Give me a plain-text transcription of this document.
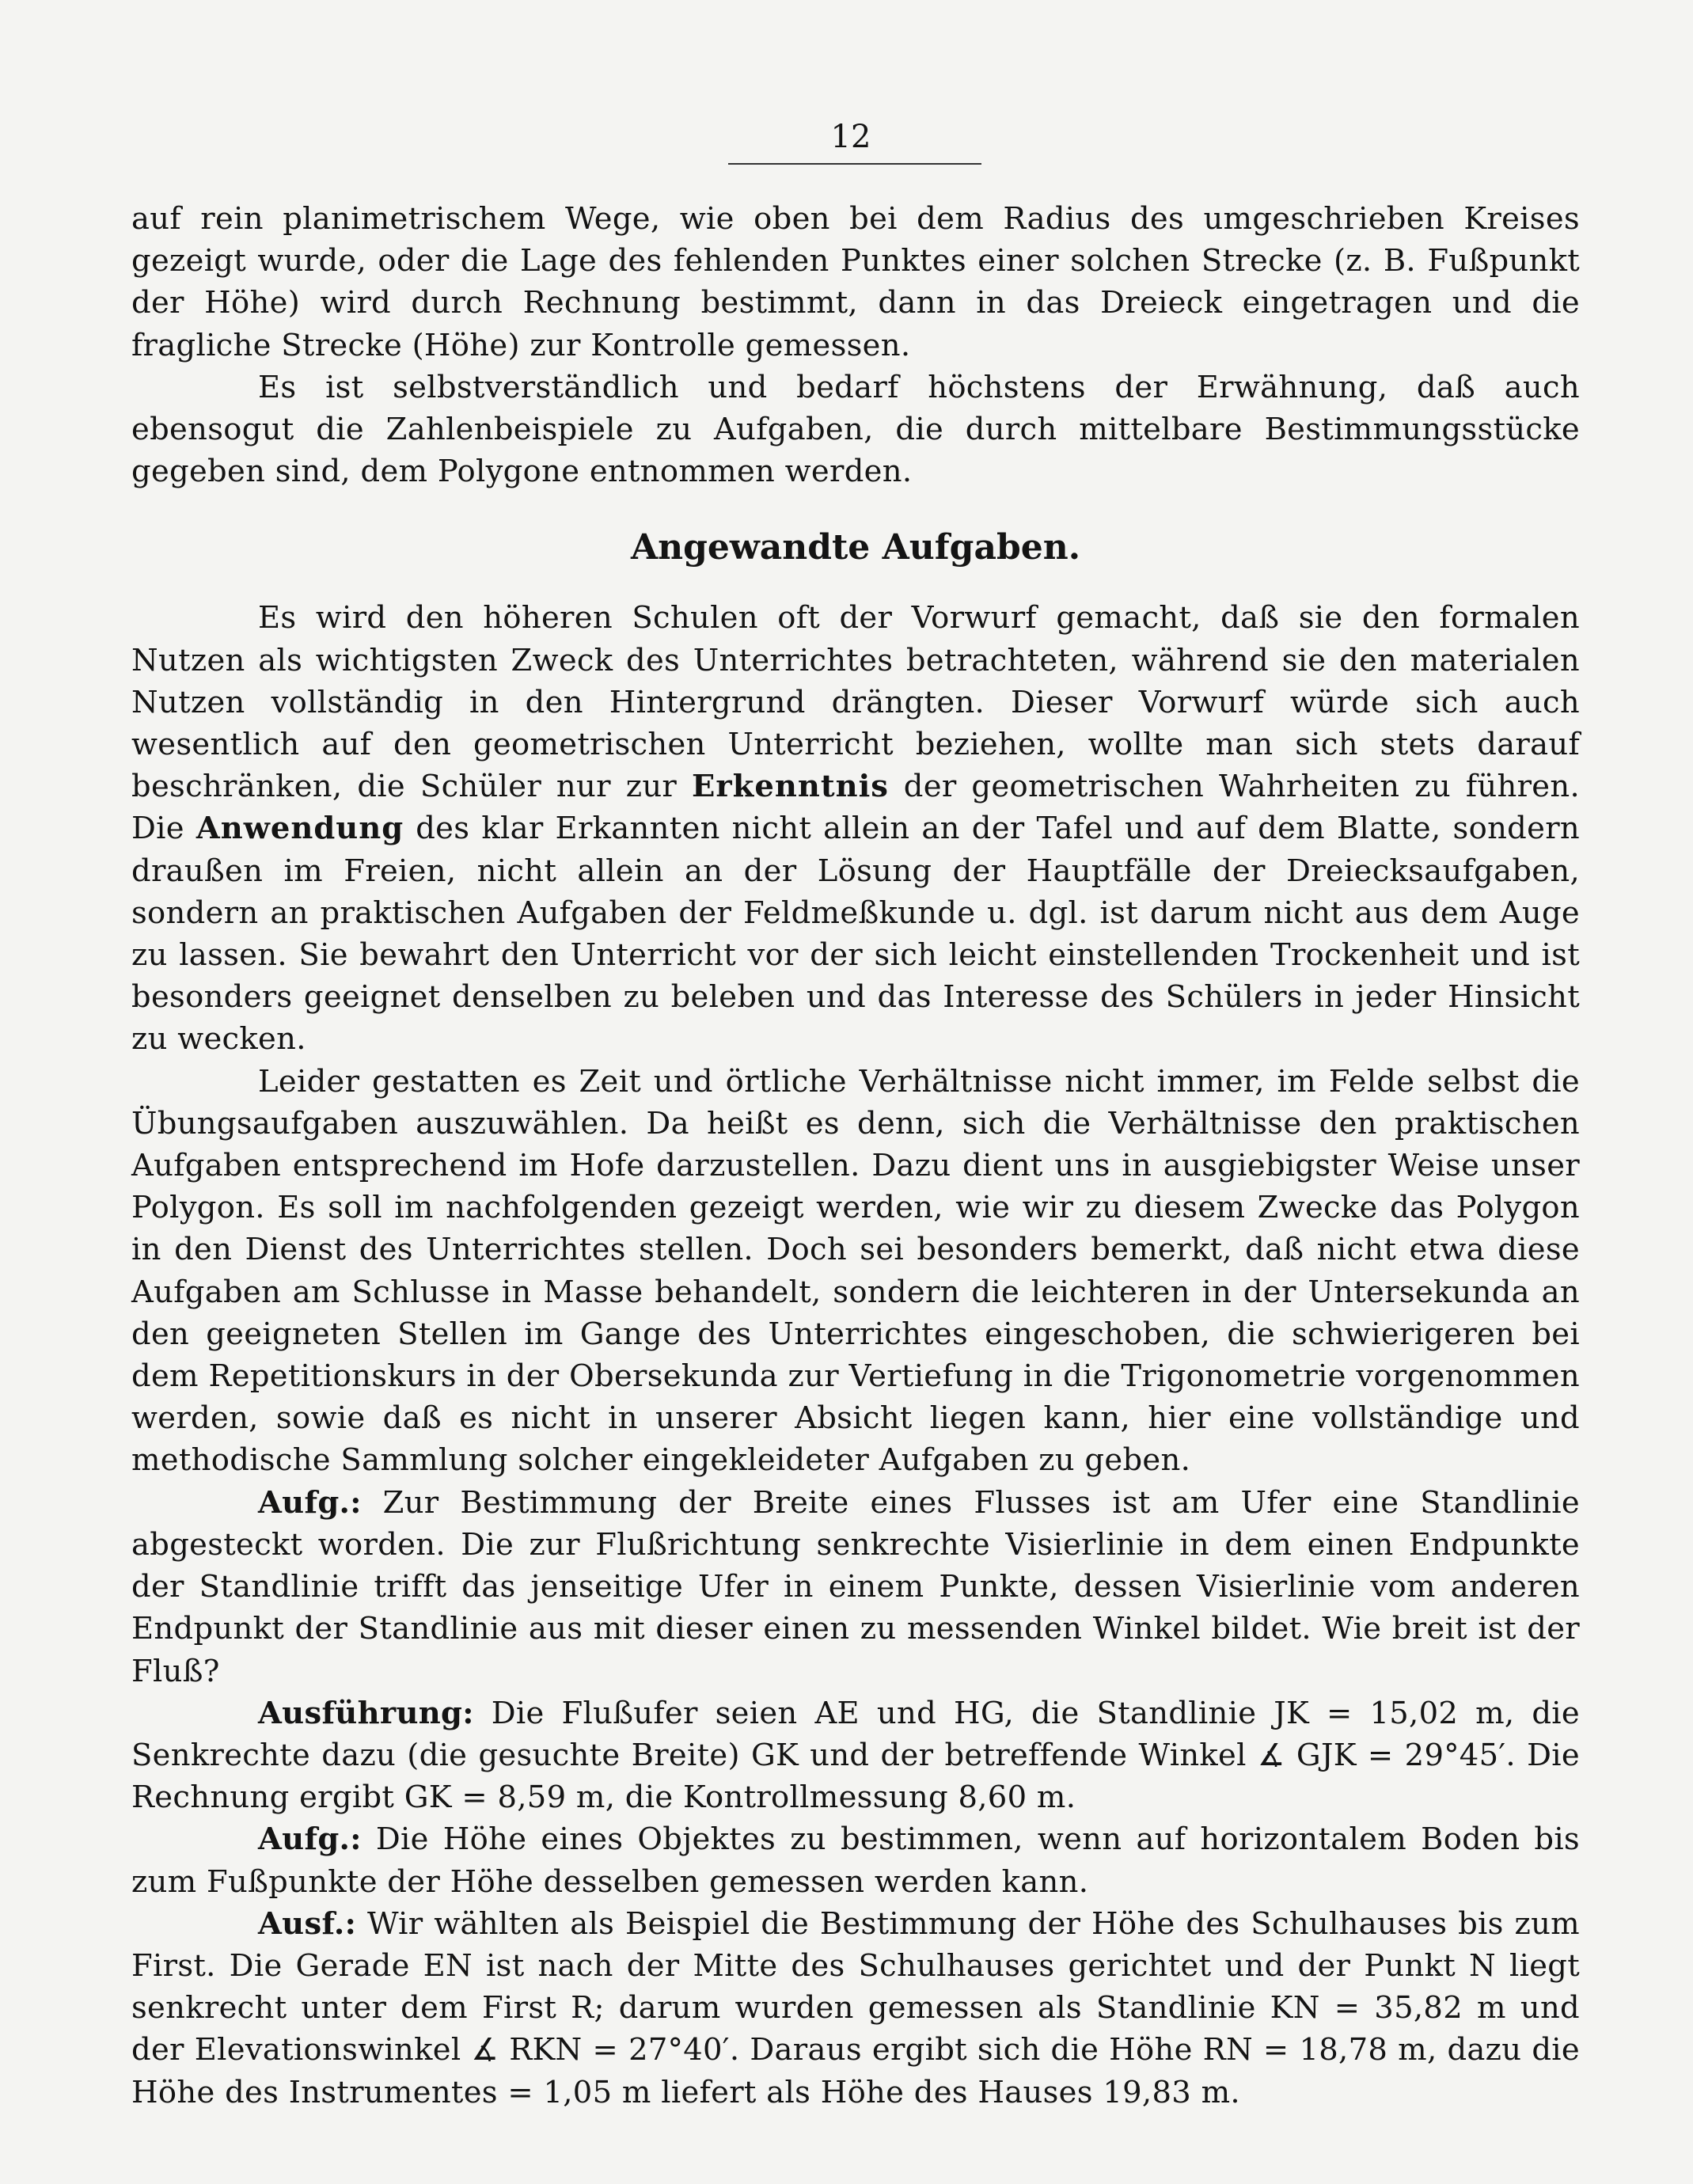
12

auf rein planimetrischem Wege, wie oben bei dem Radius des umgeschrieben Kreises gezeigt wurde, oder die Lage des fehlenden Punktes einer solchen Strecke (z. B. Fußpunkt der Höhe) wird durch Rechnung bestimmt, dann in das Dreieck eingetragen und die fragliche Strecke (Höhe) zur Kontrolle gemessen.

Es ist selbstverständlich und bedarf höchstens der Erwähnung, daß auch ebensogut die Zahlenbeispiele zu Aufgaben, die durch mittelbare Bestimmungsstücke gegeben sind, dem Polygone entnommen werden.

Angewandte Aufgaben.

Es wird den höheren Schulen oft der Vorwurf gemacht, daß sie den formalen Nutzen als wichtigsten Zweck des Unterrichtes betrachteten, während sie den materialen Nutzen vollständig in den Hintergrund drängten. Dieser Vorwurf würde sich auch wesentlich auf den geometrischen Unterricht beziehen, wollte man sich stets darauf beschränken, die Schüler nur zur Erkenntnis der geometrischen Wahrheiten zu führen. Die Anwendung des klar Erkannten nicht allein an der Tafel und auf dem Blatte, sondern draußen im Freien, nicht allein an der Lösung der Hauptfälle der Dreiecksaufgaben, sondern an praktischen Aufgaben der Feldmeßkunde u. dgl. ist darum nicht aus dem Auge zu lassen. Sie bewahrt den Unterricht vor der sich leicht einstellenden Trockenheit und ist besonders geeignet denselben zu beleben und das Interesse des Schülers in jeder Hinsicht zu wecken.

Leider gestatten es Zeit und örtliche Verhältnisse nicht immer, im Felde selbst die Übungsaufgaben auszuwählen. Da heißt es denn, sich die Verhältnisse den praktischen Aufgaben entsprechend im Hofe darzustellen. Dazu dient uns in ausgiebigster Weise unser Polygon. Es soll im nachfolgenden gezeigt werden, wie wir zu diesem Zwecke das Polygon in den Dienst des Unterrichtes stellen. Doch sei besonders bemerkt, daß nicht etwa diese Aufgaben am Schlusse in Masse behandelt, sondern die leichteren in der Untersekunda an den geeigneten Stellen im Gange des Unterrichtes eingeschoben, die schwierigeren bei dem Repetitionskurs in der Obersekunda zur Vertiefung in die Trigonometrie vorgenommen werden, sowie daß es nicht in unserer Absicht liegen kann, hier eine vollständige und methodische Sammlung solcher eingekleideter Aufgaben zu geben.

Aufg.: Zur Bestimmung der Breite eines Flusses ist am Ufer eine Standlinie abgesteckt worden. Die zur Flußrichtung senkrechte Visierlinie in dem einen Endpunkte der Standlinie trifft das jenseitige Ufer in einem Punkte, dessen Visierlinie vom anderen Endpunkt der Standlinie aus mit dieser einen zu messenden Winkel bildet. Wie breit ist der Fluß?

Ausführung: Die Flußufer seien AE und HG, die Standlinie JK = 15,02 m, die Senkrechte dazu (die gesuchte Breite) GK und der betreffende Winkel ∡ GJK = 29°45′. Die Rechnung ergibt GK = 8,59 m, die Kontrollmessung 8,60 m.

Aufg.: Die Höhe eines Objektes zu bestimmen, wenn auf horizontalem Boden bis zum Fußpunkte der Höhe desselben gemessen werden kann.

Ausf.: Wir wählten als Beispiel die Bestimmung der Höhe des Schulhauses bis zum First. Die Gerade EN ist nach der Mitte des Schulhauses gerichtet und der Punkt N liegt senkrecht unter dem First R; darum wurden gemessen als Standlinie KN = 35,82 m und der Elevationswinkel ∡ RKN = 27°40′. Daraus ergibt sich die Höhe RN = 18,78 m, dazu die Höhe des Instrumentes = 1,05 m liefert als Höhe des Hauses 19,83 m.
